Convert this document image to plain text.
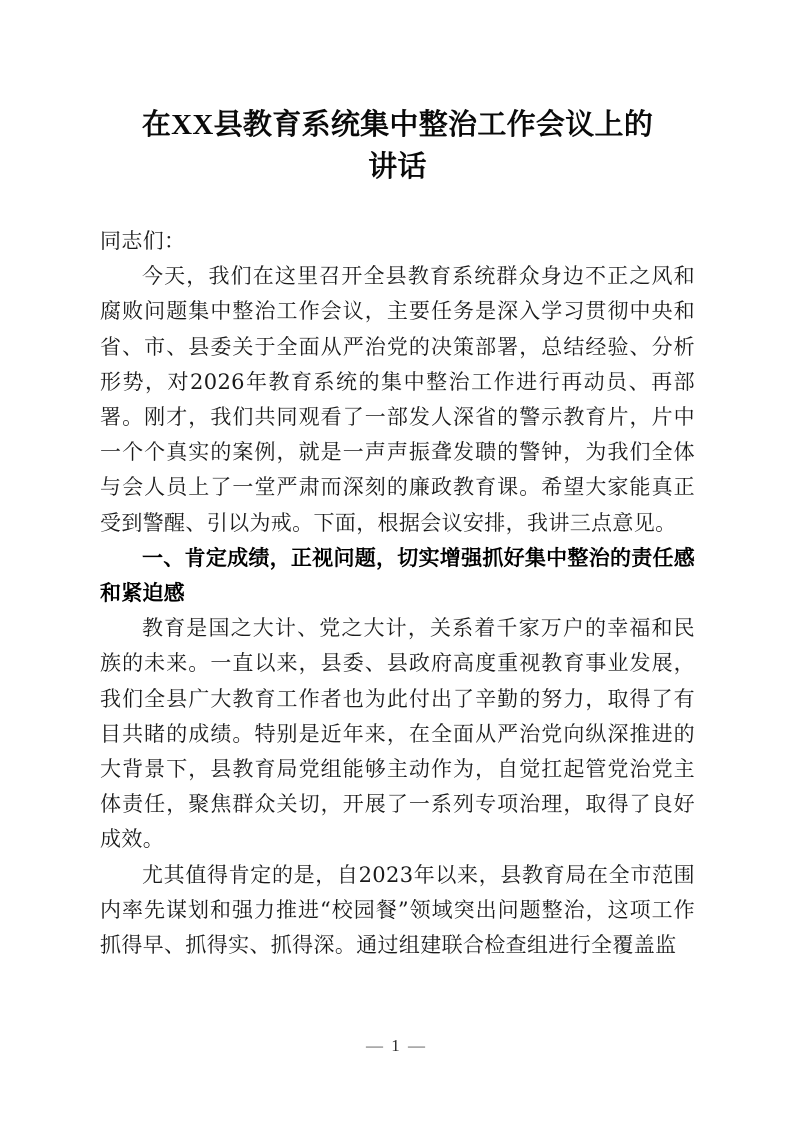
在XX县教育系统集中整治工作会议上的
讲话

同志们：

今天，我们在这里召开全县教育系统群众身边不正之风和腐败问题集中整治工作会议，主要任务是深入学习贯彻中央和省、市、县委关于全面从严治党的决策部署，总结经验、分析形势，对2026年教育系统的集中整治工作进行再动员、再部署。刚才，我们共同观看了一部发人深省的警示教育片，片中一个个真实的案例，就是一声声振聋发聩的警钟，为我们全体与会人员上了一堂严肃而深刻的廉政教育课。希望大家能真正受到警醒、引以为戒。下面，根据会议安排，我讲三点意见。

一、肯定成绩，正视问题，切实增强抓好集中整治的责任感和紧迫感

教育是国之大计、党之大计，关系着千家万户的幸福和民族的未来。一直以来，县委、县政府高度重视教育事业发展，我们全县广大教育工作者也为此付出了辛勤的努力，取得了有目共睹的成绩。特别是近年来，在全面从严治党向纵深推进的大背景下，县教育局党组能够主动作为，自觉扛起管党治党主体责任，聚焦群众关切，开展了一系列专项治理，取得了良好成效。

尤其值得肯定的是，自2023年以来，县教育局在全市范围内率先谋划和强力推进“校园餐”领域突出问题整治，这项工作抓得早、抓得实、抓得深。通过组建联合检查组进行全覆盖监

— 1 —
